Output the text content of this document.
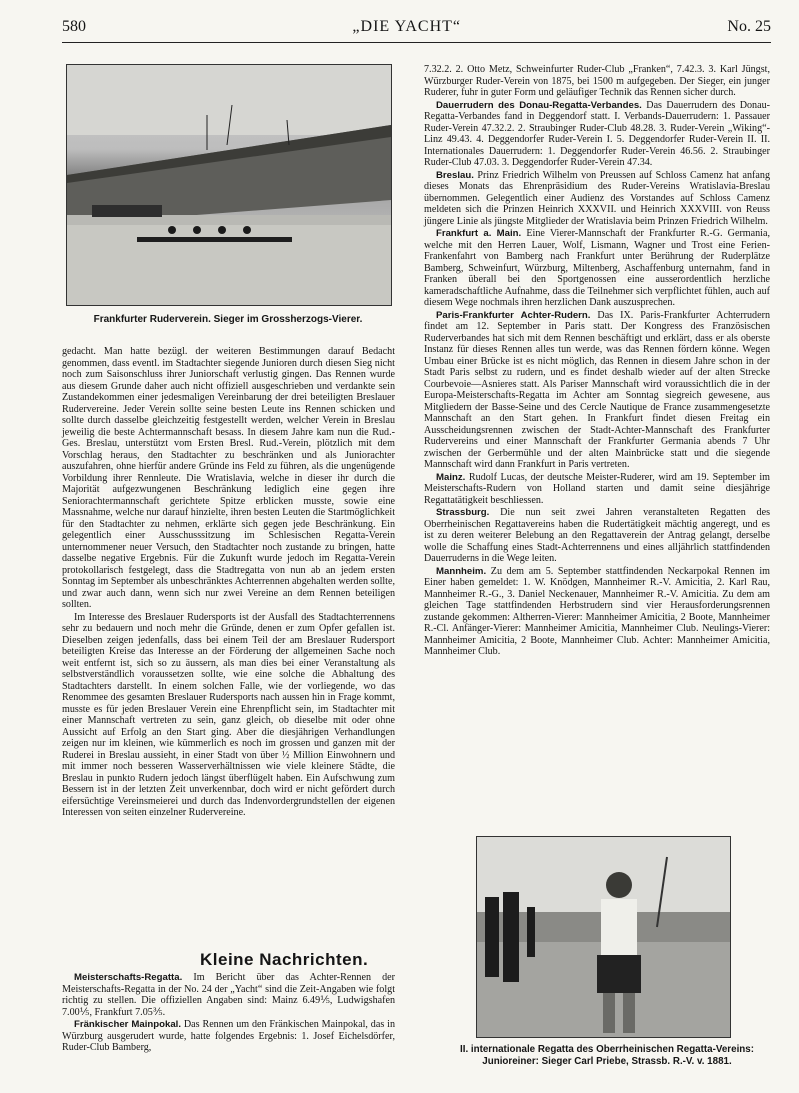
580	„DIE YACHT“	No. 25
Frankfurter Ruderverein. Sieger im Grossherzogs-Vierer.

gedacht. Man hatte bezügl. der weiteren Bestimmungen darauf Bedacht genommen, dass eventl. im Stadtachter siegende Junioren durch diesen Sieg nicht noch zum Saisonschluss ihrer Juniorschaft verlustig gingen. Das Rennen wurde aus diesem Grunde daher auch nicht offiziell ausgeschrieben und verdankte sein Zustandekommen einer jedesmaligen Vereinbarung der drei beteiligten Breslauer Rudervereine. Jeder Verein sollte seine besten Leute ins Rennen schicken und sollte durch dasselbe gleichzeitig festgestellt werden, welcher Verein in Breslau jeweilig die beste Achtermannschaft besass. In diesem Jahre kam nun die Rud.-Ges. Breslau, unterstützt vom Ersten Bresl. Rud.-Verein, plötzlich mit dem Vorschlag heraus, den Stadtachter zu beschränken und als Juniorachter auszufahren, ohne hierfür andere Gründe ins Feld zu führen, als die ungenügende Vorbildung ihrer Rennleute. Die Wratislavia, welche in dieser ihr durch die Majorität aufgezwungenen Beschränkung lediglich eine gegen ihre Seniorachtermannschaft gerichtete Spitze erblicken musste, sowie eine Massnahme, welche nur darauf hinzielte, ihren besten Leuten die Startmöglichkeit für den Stadtachter zu nehmen, erklärte sich gegen jede Beschränkung. Ein gelegentlich einer Ausschusssitzung im Schlesischen Regatta-Verein unternommener neuer Versuch, den Stadtachter noch zustande zu bringen, hatte dasselbe negative Ergebnis. Für die Zukunft wurde jedoch im Regatta-Verein protokollarisch festgelegt, dass die Stadtregatta von nun ab an jedem ersten Sonntag im September als unbeschränktes Achterrennen abgehalten werden sollte, und zwar auch dann, wenn sich nur zwei Vereine an dem Rennen beteiligen sollten.

Im Interesse des Breslauer Rudersports ist der Ausfall des Stadtachterrennens sehr zu bedauern und noch mehr die Gründe, denen er zum Opfer gefallen ist. Dieselben zeigen jedenfalls, dass bei einem Teil der am Breslauer Rudersport beteiligten Kreise das Interesse an der Förderung der allgemeinen Sache noch weit entfernt ist, sich so zu äussern, als man dies bei einer Veranstaltung als selbstverständlich voraussetzen sollte, wie eine solche die Abhaltung des Stadtachters darstellt. In einem solchen Falle, wie der vorliegende, wo das Renommee des gesamten Breslauer Rudersports nach aussen hin in Frage kommt, musste es für jeden Breslauer Verein eine Ehrenpflicht sein, im Stadtachter mit einer Mannschaft vertreten zu sein, ganz gleich, ob dieselbe mit oder ohne Aussicht auf Erfolg an den Start ging. Aber die diesjährigen Verhandlungen zeigen nur im kleinen, wie kümmerlich es noch im grossen und ganzen mit der Ruderei in Breslau aussieht, in einer Stadt von über ½ Million Einwohnern und mit immer noch besseren Wasserverhältnissen wie viele kleinere Städte, die Breslau in punkto Rudern jedoch längst überflügelt haben. Ein Aufschwung zum Bessern ist in der letzten Zeit unverkennbar, doch wird er nicht gefördert durch eifersüchtige Vereinsmeierei und durch das Indenvordergrundstellen der eigenen Interessen von seiten einzelner Rudervereine.

Kleine Nachrichten.

Meisterschafts-Regatta. Im Bericht über das Achter-Rennen der Meisterschafts-Regatta in der No. 24 der „Yacht“ sind die Zeit-Angaben wie folgt richtig zu stellen. Die offiziellen Angaben sind: Mainz 6.49⅕, Ludwigshafen 7.00⅕, Frankfurt 7.05⅗.

Fränkischer Mainpokal. Das Rennen um den Fränkischen Mainpokal, das in Würzburg ausgerudert wurde, hatte folgendes Ergebnis: 1. Josef Eichelsdörfer, Ruder-Club Bamberg,

7.32.2. 2. Otto Metz, Schweinfurter Ruder-Club „Franken“, 7.42.3. 3. Karl Jüngst, Würzburger Ruder-Verein von 1875, bei 1500 m aufgegeben. Der Sieger, ein junger Ruderer, fuhr in guter Form und geläufiger Technik das Rennen sicher durch.

Dauerrudern des Donau-Regatta-Verbandes. Das Dauerrudern des Donau-Regatta-Verbandes fand in Deggendorf statt. I. Verbands-Dauerrudern: 1. Passauer Ruder-Verein 47.32.2. 2. Straubinger Ruder-Club 48.28. 3. Ruder-Verein „Wiking“-Linz 49.43. 4. Deggendorfer Ruder-Verein I. 5. Deggendorfer Ruder-Verein II. II. Internationales Dauerrudern: 1. Deggendorfer Ruder-Verein 46.56. 2. Straubinger Ruder-Club 47.03. 3. Deggendorfer Ruder-Verein 47.34.

Breslau. Prinz Friedrich Wilhelm von Preussen auf Schloss Camenz hat anfang dieses Monats das Ehrenpräsidium des Ruder-Vereins Wratislavia-Breslau übernommen. Gelegentlich einer Audienz des Vorstandes auf Schloss Camenz meldeten sich die Prinzen Heinrich XXXVII. und Heinrich XXXVIII. von Reuss jüngere Linie als jüngste Mitglieder der Wratislavia beim Prinzen Friedrich Wilhelm.

Frankfurt a. Main. Eine Vierer-Mannschaft der Frankfurter R.-G. Germania, welche mit den Herren Lauer, Wolf, Lismann, Wagner und Trost eine Ferien-Frankenfahrt von Bamberg nach Frankfurt unter Berührung der Ruderplätze Bamberg, Schweinfurt, Würzburg, Miltenberg, Aschaffenburg unternahm, fand in Franken überall bei den Sportgenossen eine ausserordentlich herzliche kameradschaftliche Aufnahme, dass die Teilnehmer sich verpflichtet fühlen, auch auf diesem Wege nochmals ihren herzlichen Dank auszusprechen.

Paris-Frankfurter Achter-Rudern. Das IX. Paris-Frankfurter Achterrudern findet am 12. September in Paris statt. Der Kongress des Französischen Ruderverbandes hat sich mit dem Rennen beschäftigt und erklärt, dass er als oberste Instanz für dieses Rennen alles tun werde, was das Rennen fördern könne. Wegen Umbau einer Brücke ist es nicht möglich, das Rennen in diesem Jahre schon in der Stadt Paris selbst zu rudern, und es findet deshalb wieder auf der alten Strecke Courbevoie—Asnieres statt. Als Pariser Mannschaft wird voraussichtlich die in der Europa-Meisterschafts-Regatta im Achter am Sonntag siegreich gewesene, aus Mitgliedern der Basse-Seine und des Cercle Nautique de France zusammengesetzte Mannschaft an den Start gehen. In Frankfurt findet diesen Freitag ein Ausscheidungsrennen zwischen der Stadt-Achter-Mannschaft des Frankfurter Rudervereins und einer Mannschaft der Frankfurter Germania abends 7 Uhr zwischen der Gerbermühle und der alten Mainbrücke statt und die siegende Mannschaft wird dann Frankfurt in Paris vertreten.

Mainz. Rudolf Lucas, der deutsche Meister-Ruderer, wird am 19. September im Meisterschafts-Rudern von Holland starten und damit seine diesjährige Regattatätigkeit beschliessen.

Strassburg. Die nun seit zwei Jahren veranstalteten Regatten des Oberrheinischen Regattavereins haben die Rudertätigkeit mächtig angeregt, und es ist zu deren weiterer Belebung an den Regattaverein der Antrag gelangt, derselbe wolle die Schaffung eines Stadt-Achterrennens und eines alljährlich stattfindenden Dauerruderns in die Wege leiten.

Mannheim. Zu dem am 5. September stattfindenden Neckarpokal Rennen im Einer haben gemeldet: 1. W. Knödgen, Mannheimer R.-V. Amicitia, 2. Karl Rau, Mannheimer R.-G., 3. Daniel Neckenauer, Mannheimer R.-V. Amicitia. Zu dem am gleichen Tage stattfindenden Herbstrudern sind vier Herausforderungsrennen zustande gekommen: Altherren-Vierer: Mannheimer Amicitia, 2 Boote, Mannheimer R.-Cl. Anfänger-Vierer: Mannheimer Amicitia, Mannheimer Club. Neulings-Vierer: Mannheimer Amicitia, 2 Boote, Mannheimer Club. Achter: Mannheimer Amicitia, Mannheimer Club.

II. internationale Regatta des Oberrheinischen Regatta-Vereins: Junioreiner: Sieger Carl Priebe, Strassb. R.-V. v. 1881.
